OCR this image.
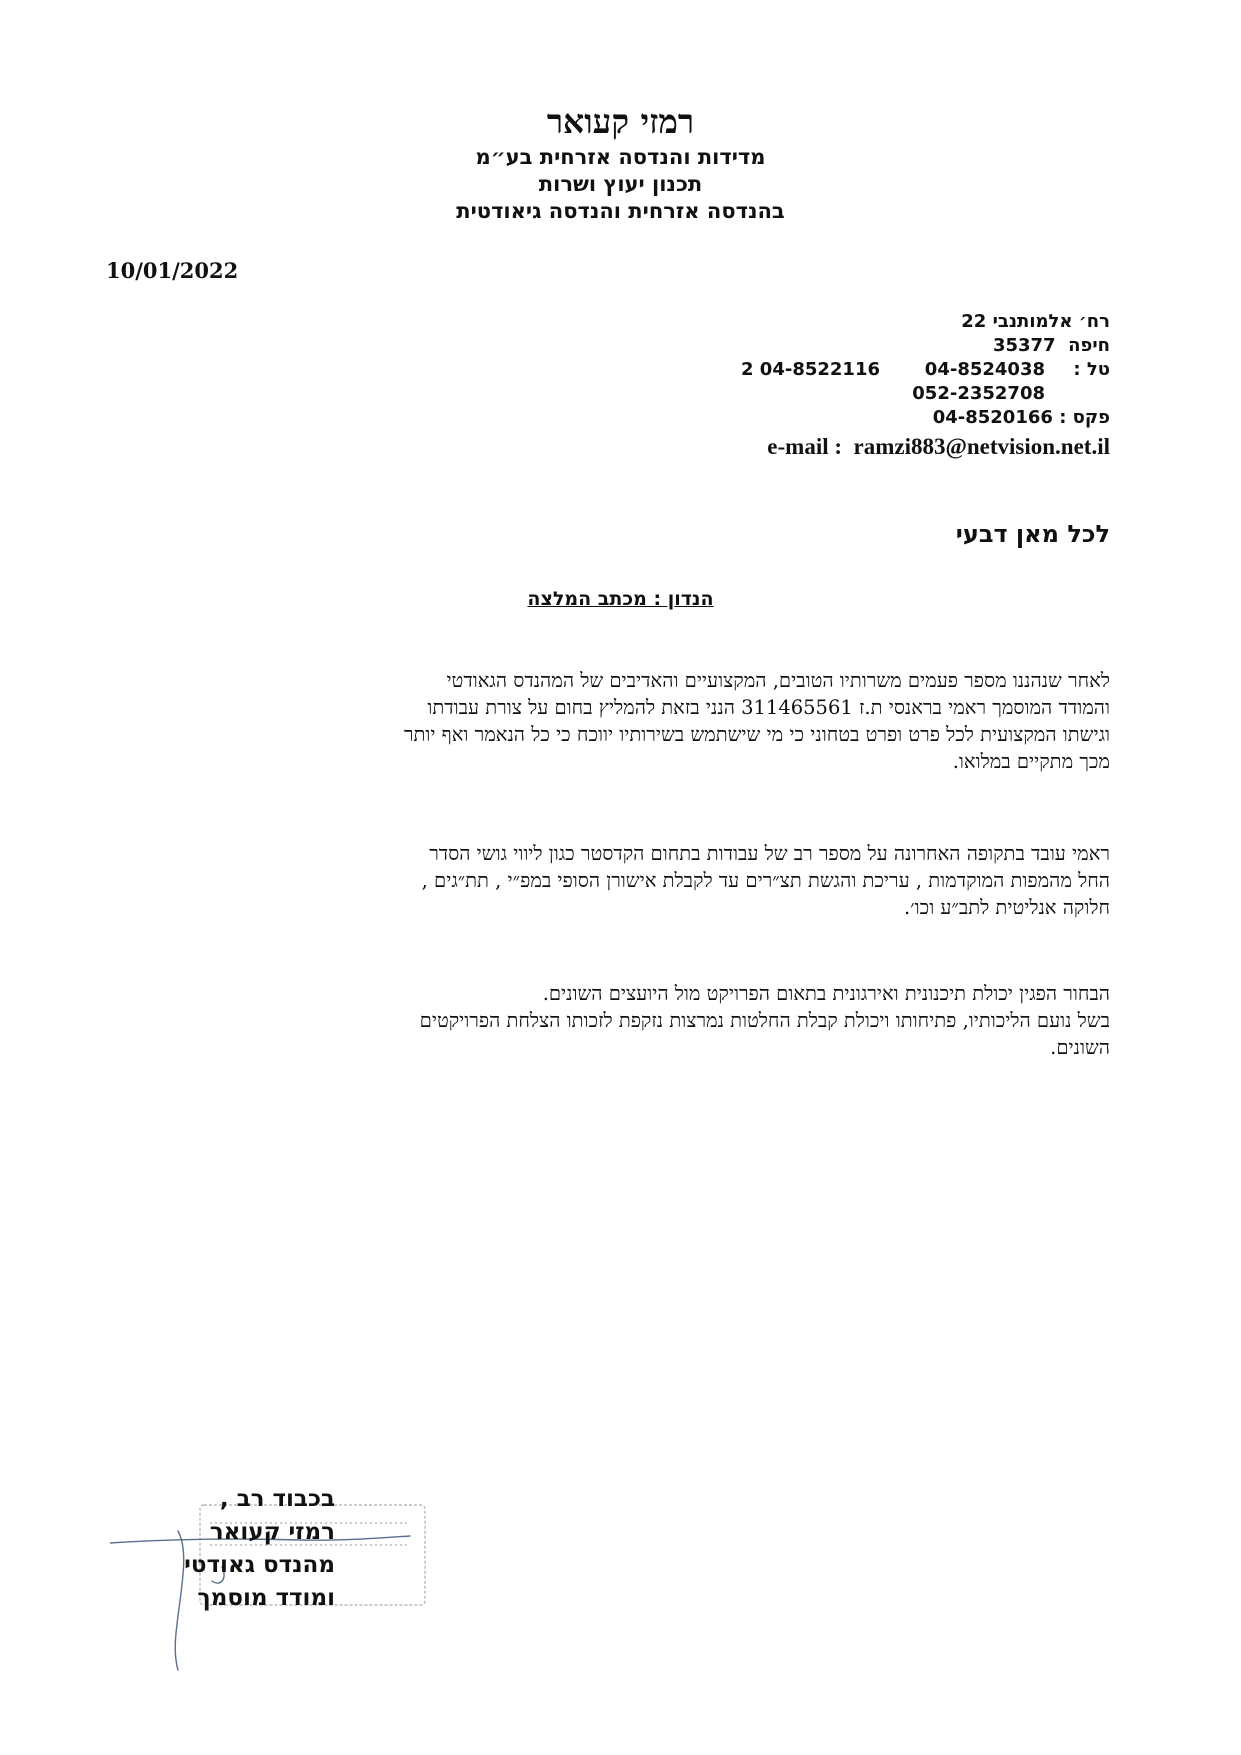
רמזי קעואר
מדידות והנדסה אזרחית בע״מ
תכנון יעוץ ושרות
בהנדסה אזרחית והנדסה גיאודטית
10/01/2022
רח׳ אלמותנבי 22
חיפה  35377
טל :
04-8524038
2 04-8522116
052-2352708
פקס : 04-8520166
e-mail : ramzi883@netvision.net.il
לכל מאן דבעי
הנדון : מכתב המלצה
לאחר שנהננו מספר פעמים משרותיו הטובים, המקצועיים והאדיבים של המהנדס הגאודטי
והמודד המוסמך ראמי בראנסי ת.ז 311465561 הנני בזאת להמליץ בחום על צורת עבודתו
וגישתו המקצועית לכל פרט ופרט בטחוני כי מי שישתמש בשירותיו יווכח כי כל הנאמר ואף יותר
מכך מתקיים במלואו.
ראמי עובד בתקופה האחרונה על מספר רב של עבודות בתחום הקדסטר כגון ליווי גושי הסדר
החל מהמפות המוקדמות , עריכת והגשת תצ״רים עד לקבלת אישורן הסופי במפ״י , תת״גים ,
חלוקה אנליטית לתב״ע וכו׳.
הבחור הפגין יכולת תיכנונית ואירגונית בתאום הפרויקט מול היועצים השונים.
בשל נועם הליכותיו, פתיחותו ויכולת קבלת החלטות נמרצות נזקפת לזכותו הצלחת הפרויקטים
השונים.
בכבוד רב ,
רמזי קעואר
מהנדס גאודטי
ומודד מוסמך
